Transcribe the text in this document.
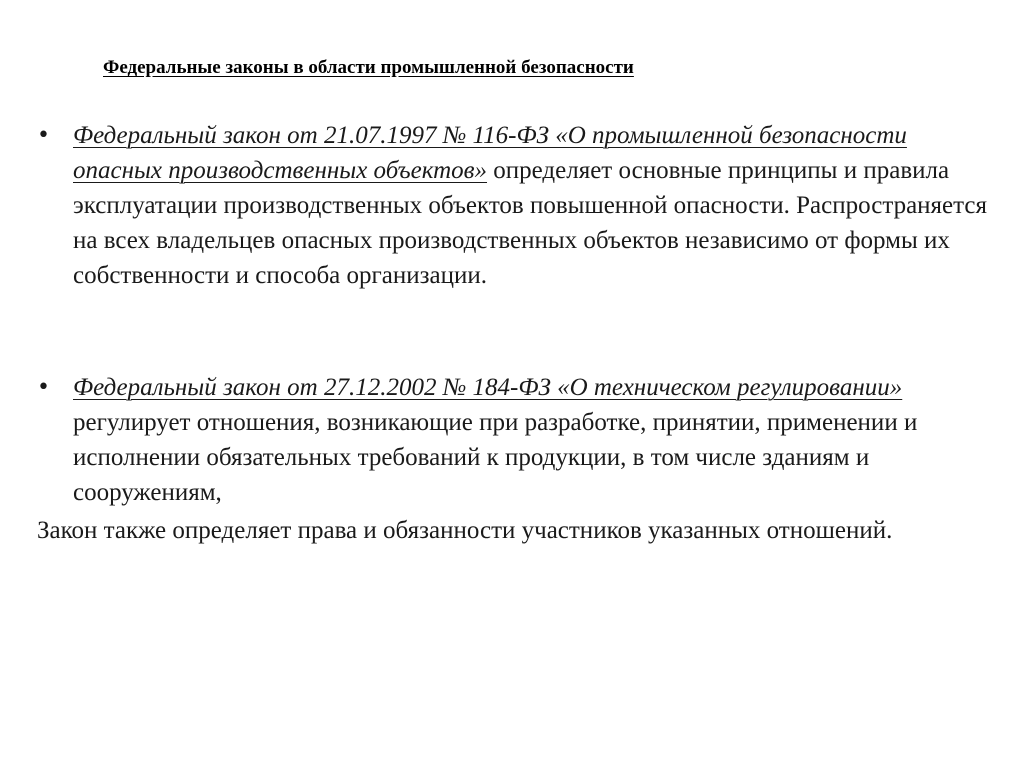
Федеральные законы в области промышленной безопасности
• Федеральный закон от 21.07.1997 № 116-ФЗ «О промышленной безопасности опасных производственных объектов» определяет основные принципы и правила эксплуатации производственных объектов повышенной опасности. Распространяется на всех владельцев опасных производственных объектов независимо от формы их собственности и способа организации.
• Федеральный закон от 27.12.2002 № 184-ФЗ «О техническом регулировании» регулирует отношения, возникающие при разработке, принятии, применении и исполнении обязательных требований к продукции, в том числе зданиям и сооружениям,
Закон также определяет права и обязанности участников указанных отношений.
